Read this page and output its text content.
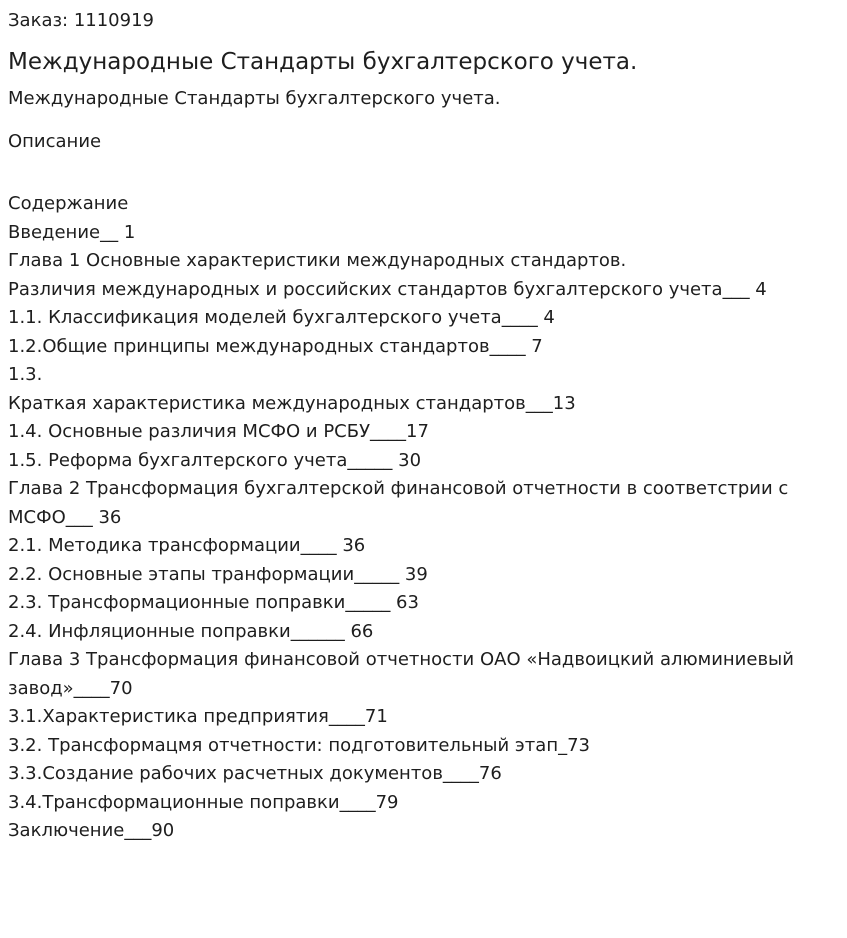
Заказ: 1110919
Международные Стандарты бухгалтерского учета.
Международные Стандарты бухгалтерского учета.
Описание
Содержание
Введение__ 1
Глава 1 Основные характеристики международных стандартов.
Различия международных и российских стандартов бухгалтерского учета___ 4
1.1. Классификация моделей бухгалтерского учета____ 4
1.2.Общие принципы международных стандартов____ 7
1.3.
Краткая характеристика международных стандартов___13
1.4. Основные различия МСФО и РСБУ____17
1.5. Реформа бухгалтерского учета_____ 30
Глава 2 Трансформация бухгалтерской финансовой отчетности в соответстрии с МСФО___ 36
2.1. Методика трансформации____ 36
2.2. Основные этапы транформации_____ 39
2.3. Трансформационные поправки_____ 63
2.4. Инфляционные поправки______ 66
Глава 3 Трансформация финансовой отчетности ОАО «Надвоицкий алюминиевый завод»____70
3.1.Характеристика предприятия____71
3.2. Трансформацмя отчетности: подготовительный этап_73
3.3.Создание рабочих расчетных документов____76
3.4.Трансформационные поправки____79
Заключение___90
